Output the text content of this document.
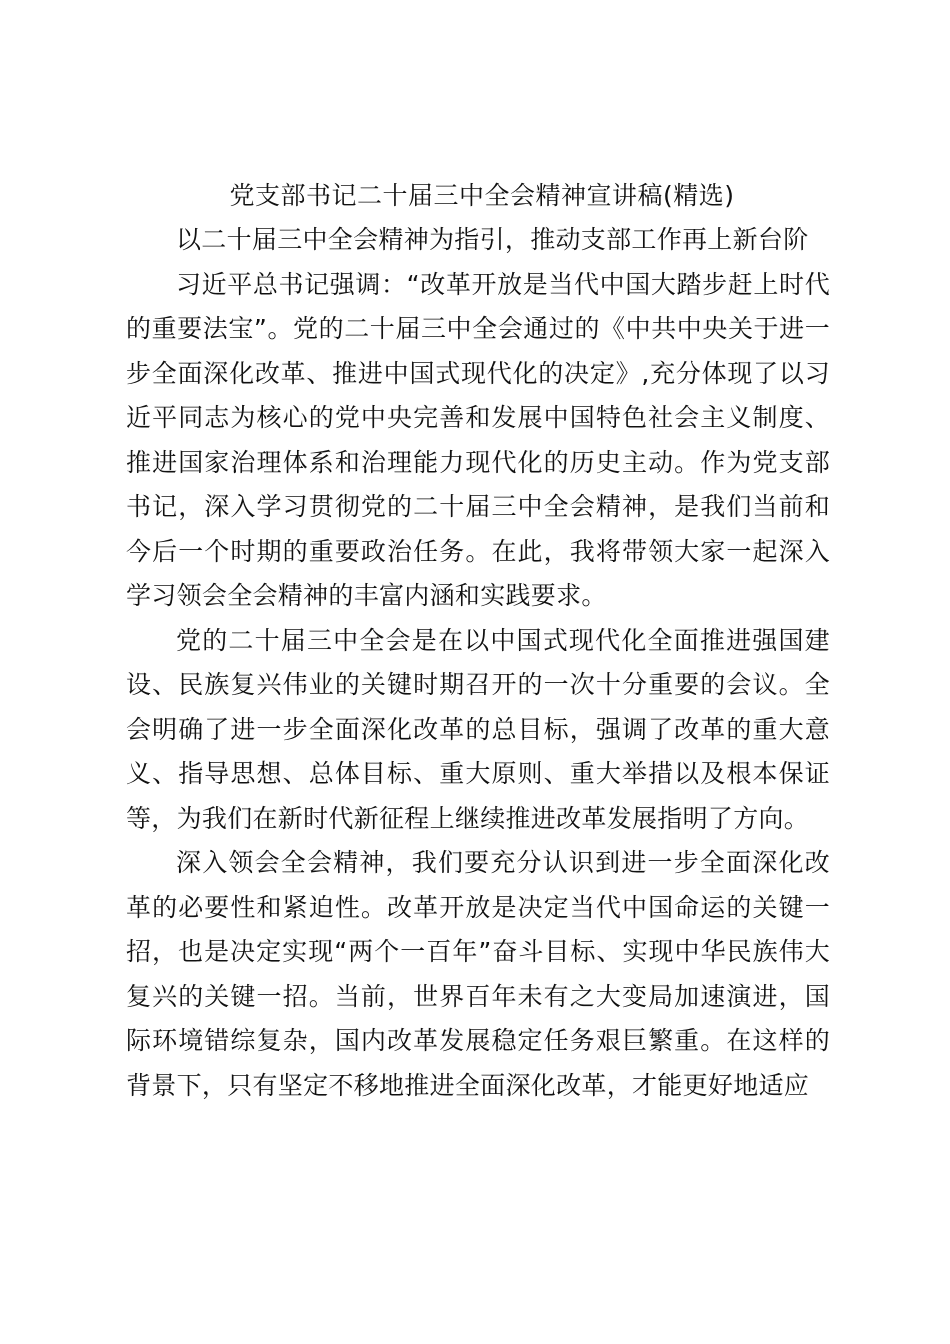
党支部书记二十届三中全会精神宣讲稿(精选)

以二十届三中全会精神为指引，推动支部工作再上新台阶

习近平总书记强调：“改革开放是当代中国大踏步赶上时代的重要法宝”。党的二十届三中全会通过的《中共中央关于进一步全面深化改革、推进中国式现代化的决定》,充分体现了以习近平同志为核心的党中央完善和发展中国特色社会主义制度、推进国家治理体系和治理能力现代化的历史主动。作为党支部书记，深入学习贯彻党的二十届三中全会精神，是我们当前和今后一个时期的重要政治任务。在此，我将带领大家一起深入学习领会全会精神的丰富内涵和实践要求。

党的二十届三中全会是在以中国式现代化全面推进强国建设、民族复兴伟业的关键时期召开的一次十分重要的会议。全会明确了进一步全面深化改革的总目标，强调了改革的重大意义、指导思想、总体目标、重大原则、重大举措以及根本保证等，为我们在新时代新征程上继续推进改革发展指明了方向。

深入领会全会精神，我们要充分认识到进一步全面深化改革的必要性和紧迫性。改革开放是决定当代中国命运的关键一招，也是决定实现“两个一百年”奋斗目标、实现中华民族伟大复兴的关键一招。当前，世界百年未有之大变局加速演进，国际环境错综复杂，国内改革发展稳定任务艰巨繁重。在这样的背景下，只有坚定不移地推进全面深化改革，才能更好地适应
